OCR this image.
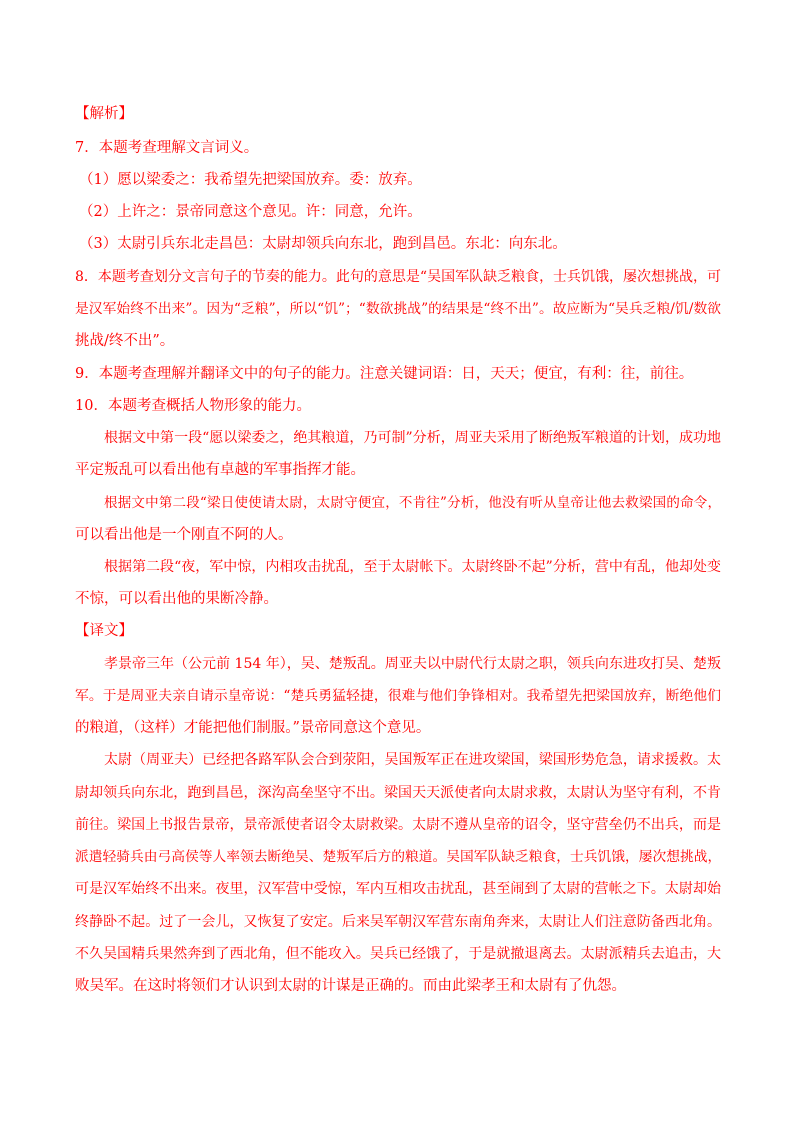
【解析】
7．本题考查理解文言词义。
（1）愿以梁委之：我希望先把梁国放弃。委：放弃。
（2）上许之：景帝同意这个意见。许：同意，允许。
（3）太尉引兵东北走昌邑：太尉却领兵向东北，跑到昌邑。东北：向东北。
8．本题考查划分文言句子的节奏的能力。此句的意思是“吴国军队缺乏粮食，士兵饥饿，屡次想挑战，可
是汉军始终不出来”。因为“乏粮”，所以“饥”；“数欲挑战”的结果是“终不出”。故应断为“吴兵乏粮/饥/数欲
挑战/终不出”。
9．本题考查理解并翻译文中的句子的能力。注意关键词语：日，天天；便宜，有利：往，前往。
10．本题考查概括人物形象的能力。
根据文中第一段“愿以梁委之，绝其粮道，乃可制”分析，周亚夫采用了断绝叛军粮道的计划，成功地
平定叛乱可以看出他有卓越的军事指挥才能。
根据文中第二段“梁日使使请太尉，太尉守便宜，不肯往”分析，他没有听从皇帝让他去救梁国的命令，
可以看出他是一个刚直不阿的人。
根据第二段“夜，军中惊，内相攻击扰乱，至于太尉帐下。太尉终卧不起”分析，营中有乱，他却处变
不惊，可以看出他的果断冷静。
【译文】
孝景帝三年（公元前 154 年），吴、楚叛乱。周亚夫以中尉代行太尉之职，领兵向东进攻打吴、楚叛
军。于是周亚夫亲自请示皇帝说：“楚兵勇猛轻捷，很难与他们争锋相对。我希望先把梁国放弃，断绝他们
的粮道，（这样）才能把他们制服。”景帝同意这个意见。
太尉（周亚夫）已经把各路军队会合到荥阳，吴国叛军正在进攻梁国，梁国形势危急，请求援救。太
尉却领兵向东北，跑到昌邑，深沟高垒坚守不出。梁国天天派使者向太尉求救，太尉认为坚守有利，不肯
前往。梁国上书报告景帝，景帝派使者诏令太尉救梁。太尉不遵从皇帝的诏令，坚守营垒仍不出兵，而是
派遣轻骑兵由弓高侯等人率领去断绝吴、楚叛军后方的粮道。吴国军队缺乏粮食，士兵饥饿，屡次想挑战，
可是汉军始终不出来。夜里，汉军营中受惊，军内互相攻击扰乱，甚至闹到了太尉的营帐之下。太尉却始
终静卧不起。过了一会儿，又恢复了安定。后来吴军朝汉军营东南角奔来，太尉让人们注意防备西北角。
不久吴国精兵果然奔到了西北角，但不能攻入。吴兵已经饿了，于是就撤退离去。太尉派精兵去追击，大
败吴军。在这时将领们才认识到太尉的计谋是正确的。而由此梁孝王和太尉有了仇怨。
